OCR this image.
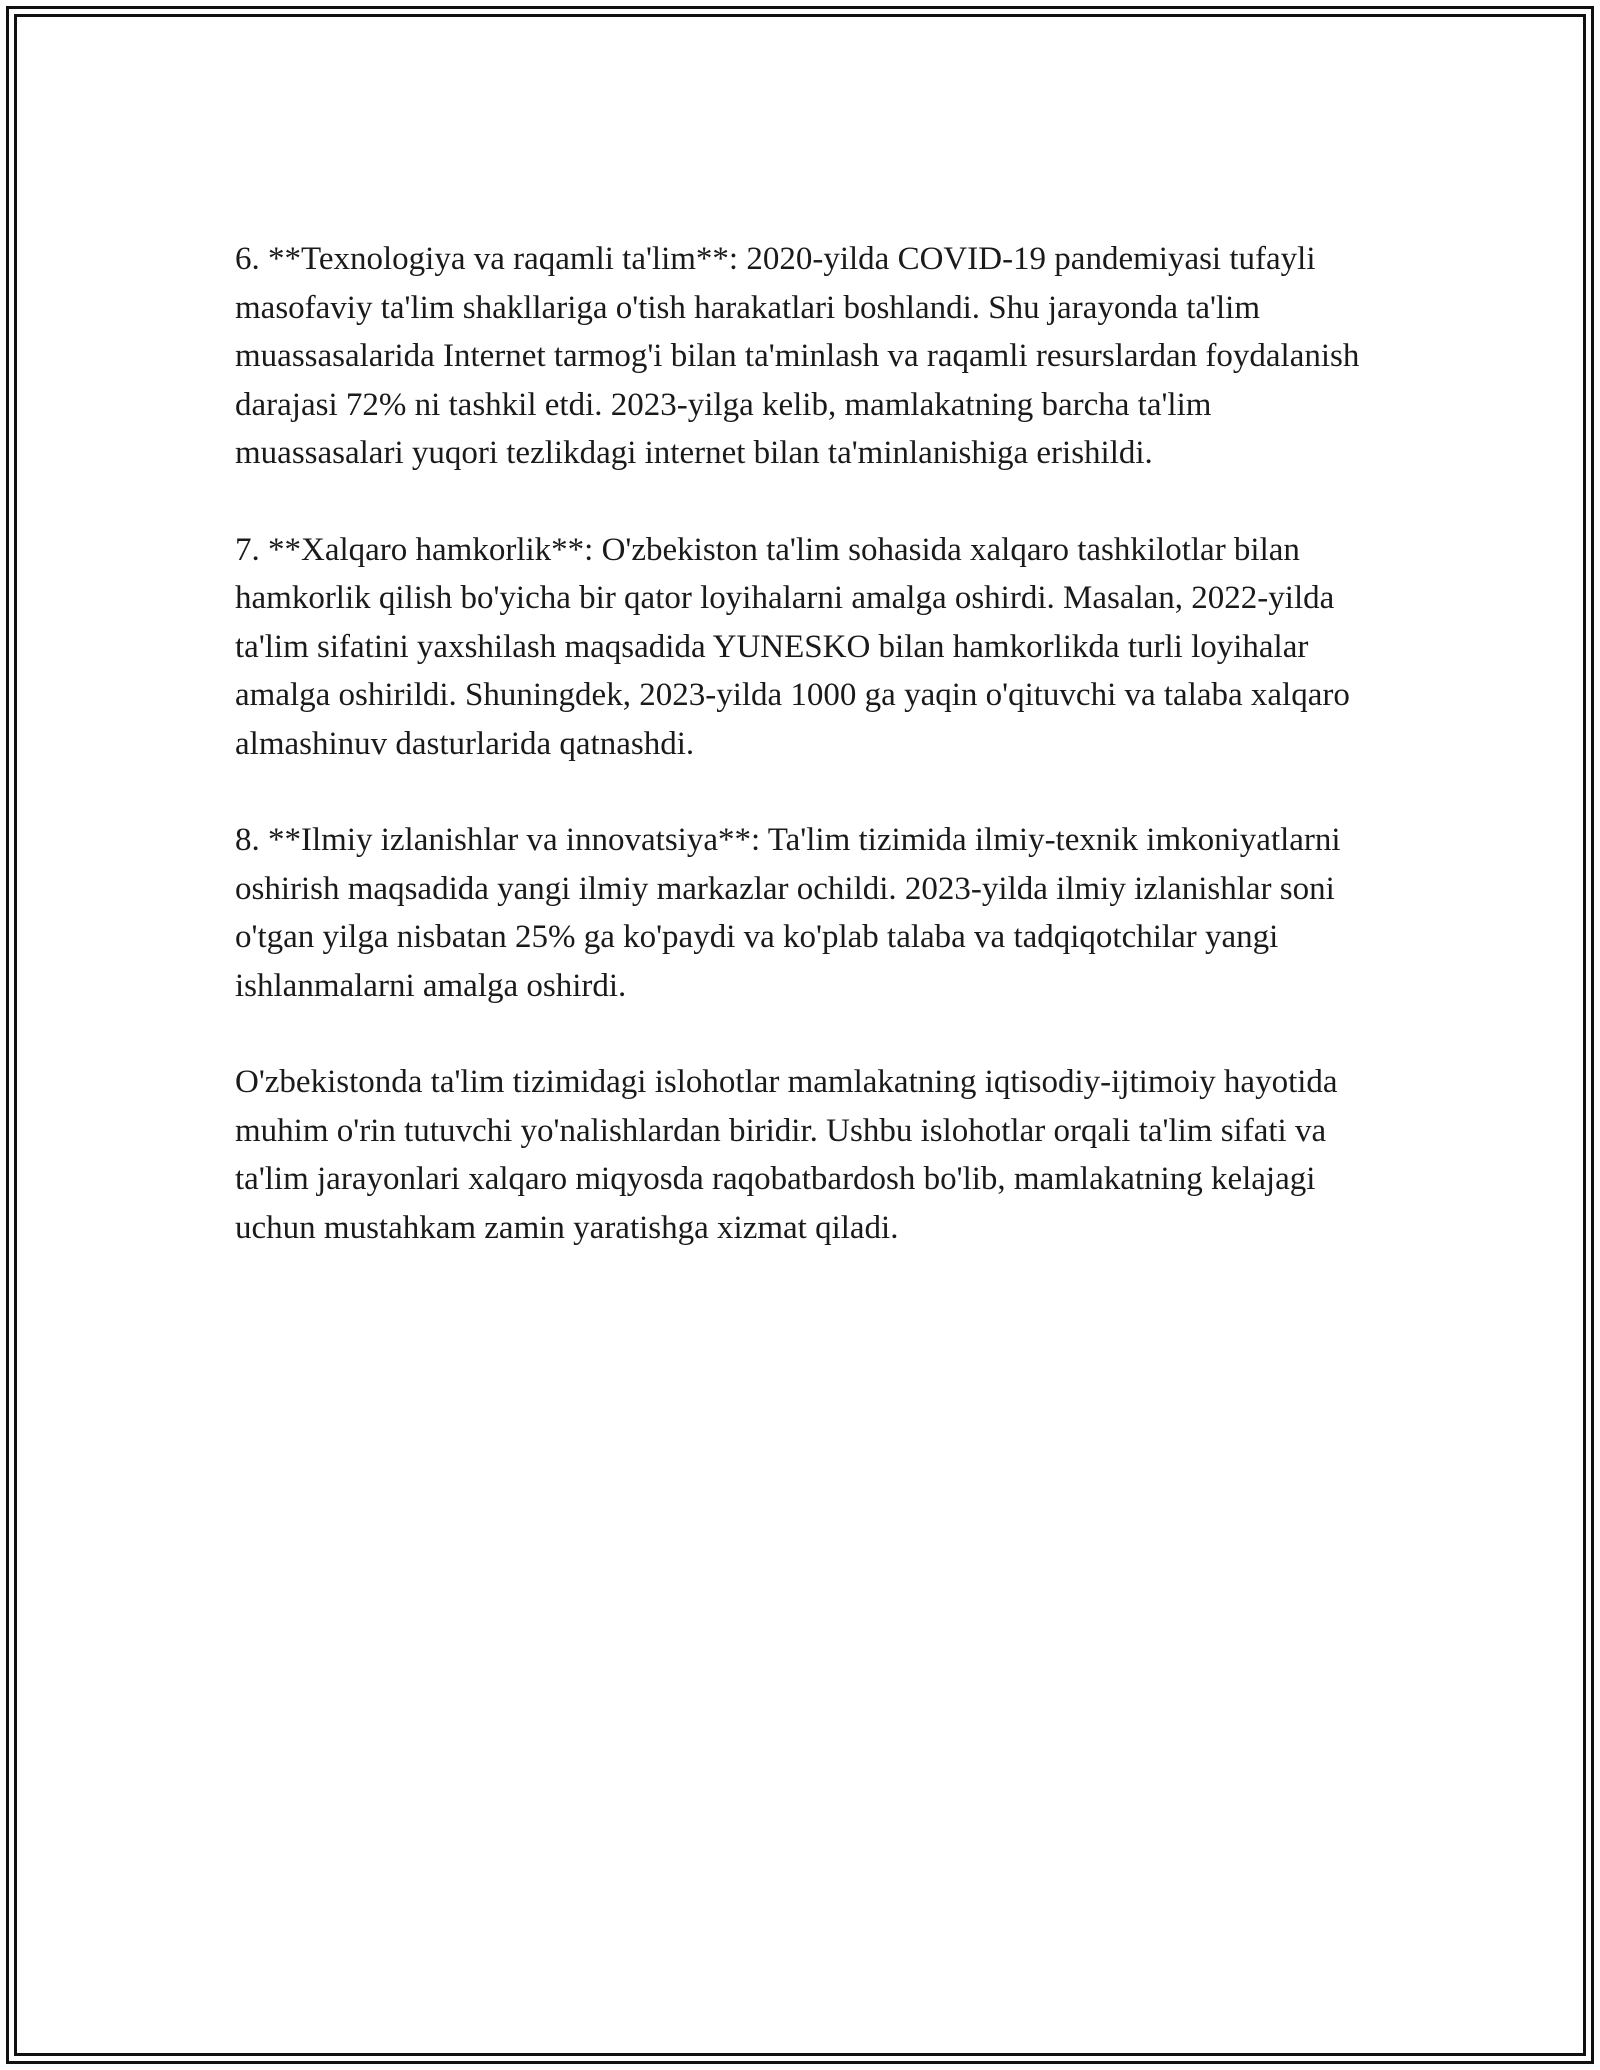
6. **Texnologiya va raqamli ta'lim**: 2020-yilda COVID-19 pandemiyasi tufayli masofaviy ta'lim shakllariga o'tish harakatlari boshlandi. Shu jarayonda ta'lim muassasalarida Internet tarmog'i bilan ta'minlash va raqamli resurslardan foydalanish darajasi 72% ni tashkil etdi. 2023-yilga kelib, mamlakatning barcha ta'lim muassasalari yuqori tezlikdagi internet bilan ta'minlanishiga erishildi.

7. **Xalqaro hamkorlik**: O'zbekiston ta'lim sohasida xalqaro tashkilotlar bilan hamkorlik qilish bo'yicha bir qator loyihalarni amalga oshirdi. Masalan, 2022-yilda ta'lim sifatini yaxshilash maqsadida YUNESKO bilan hamkorlikda turli loyihalar amalga oshirildi. Shuningdek, 2023-yilda 1000 ga yaqin o'qituvchi va talaba xalqaro almashinuv dasturlarida qatnashdi.

8. **Ilmiy izlanishlar va innovatsiya**: Ta'lim tizimida ilmiy-texnik imkoniyatlarni oshirish maqsadida yangi ilmiy markazlar ochildi. 2023-yilda ilmiy izlanishlar soni o'tgan yilga nisbatan 25% ga ko'paydi va ko'plab talaba va tadqiqotchilar yangi ishlanmalarni amalga oshirdi.

O'zbekistonda ta'lim tizimidagi islohotlar mamlakatning iqtisodiy-ijtimoiy hayotida muhim o'rin tutuvchi yo'nalishlardan biridir. Ushbu islohotlar orqali ta'lim sifati va ta'lim jarayonlari xalqaro miqyosda raqobatbardosh bo'lib, mamlakatning kelajagi uchun mustahkam zamin yaratishga xizmat qiladi.
